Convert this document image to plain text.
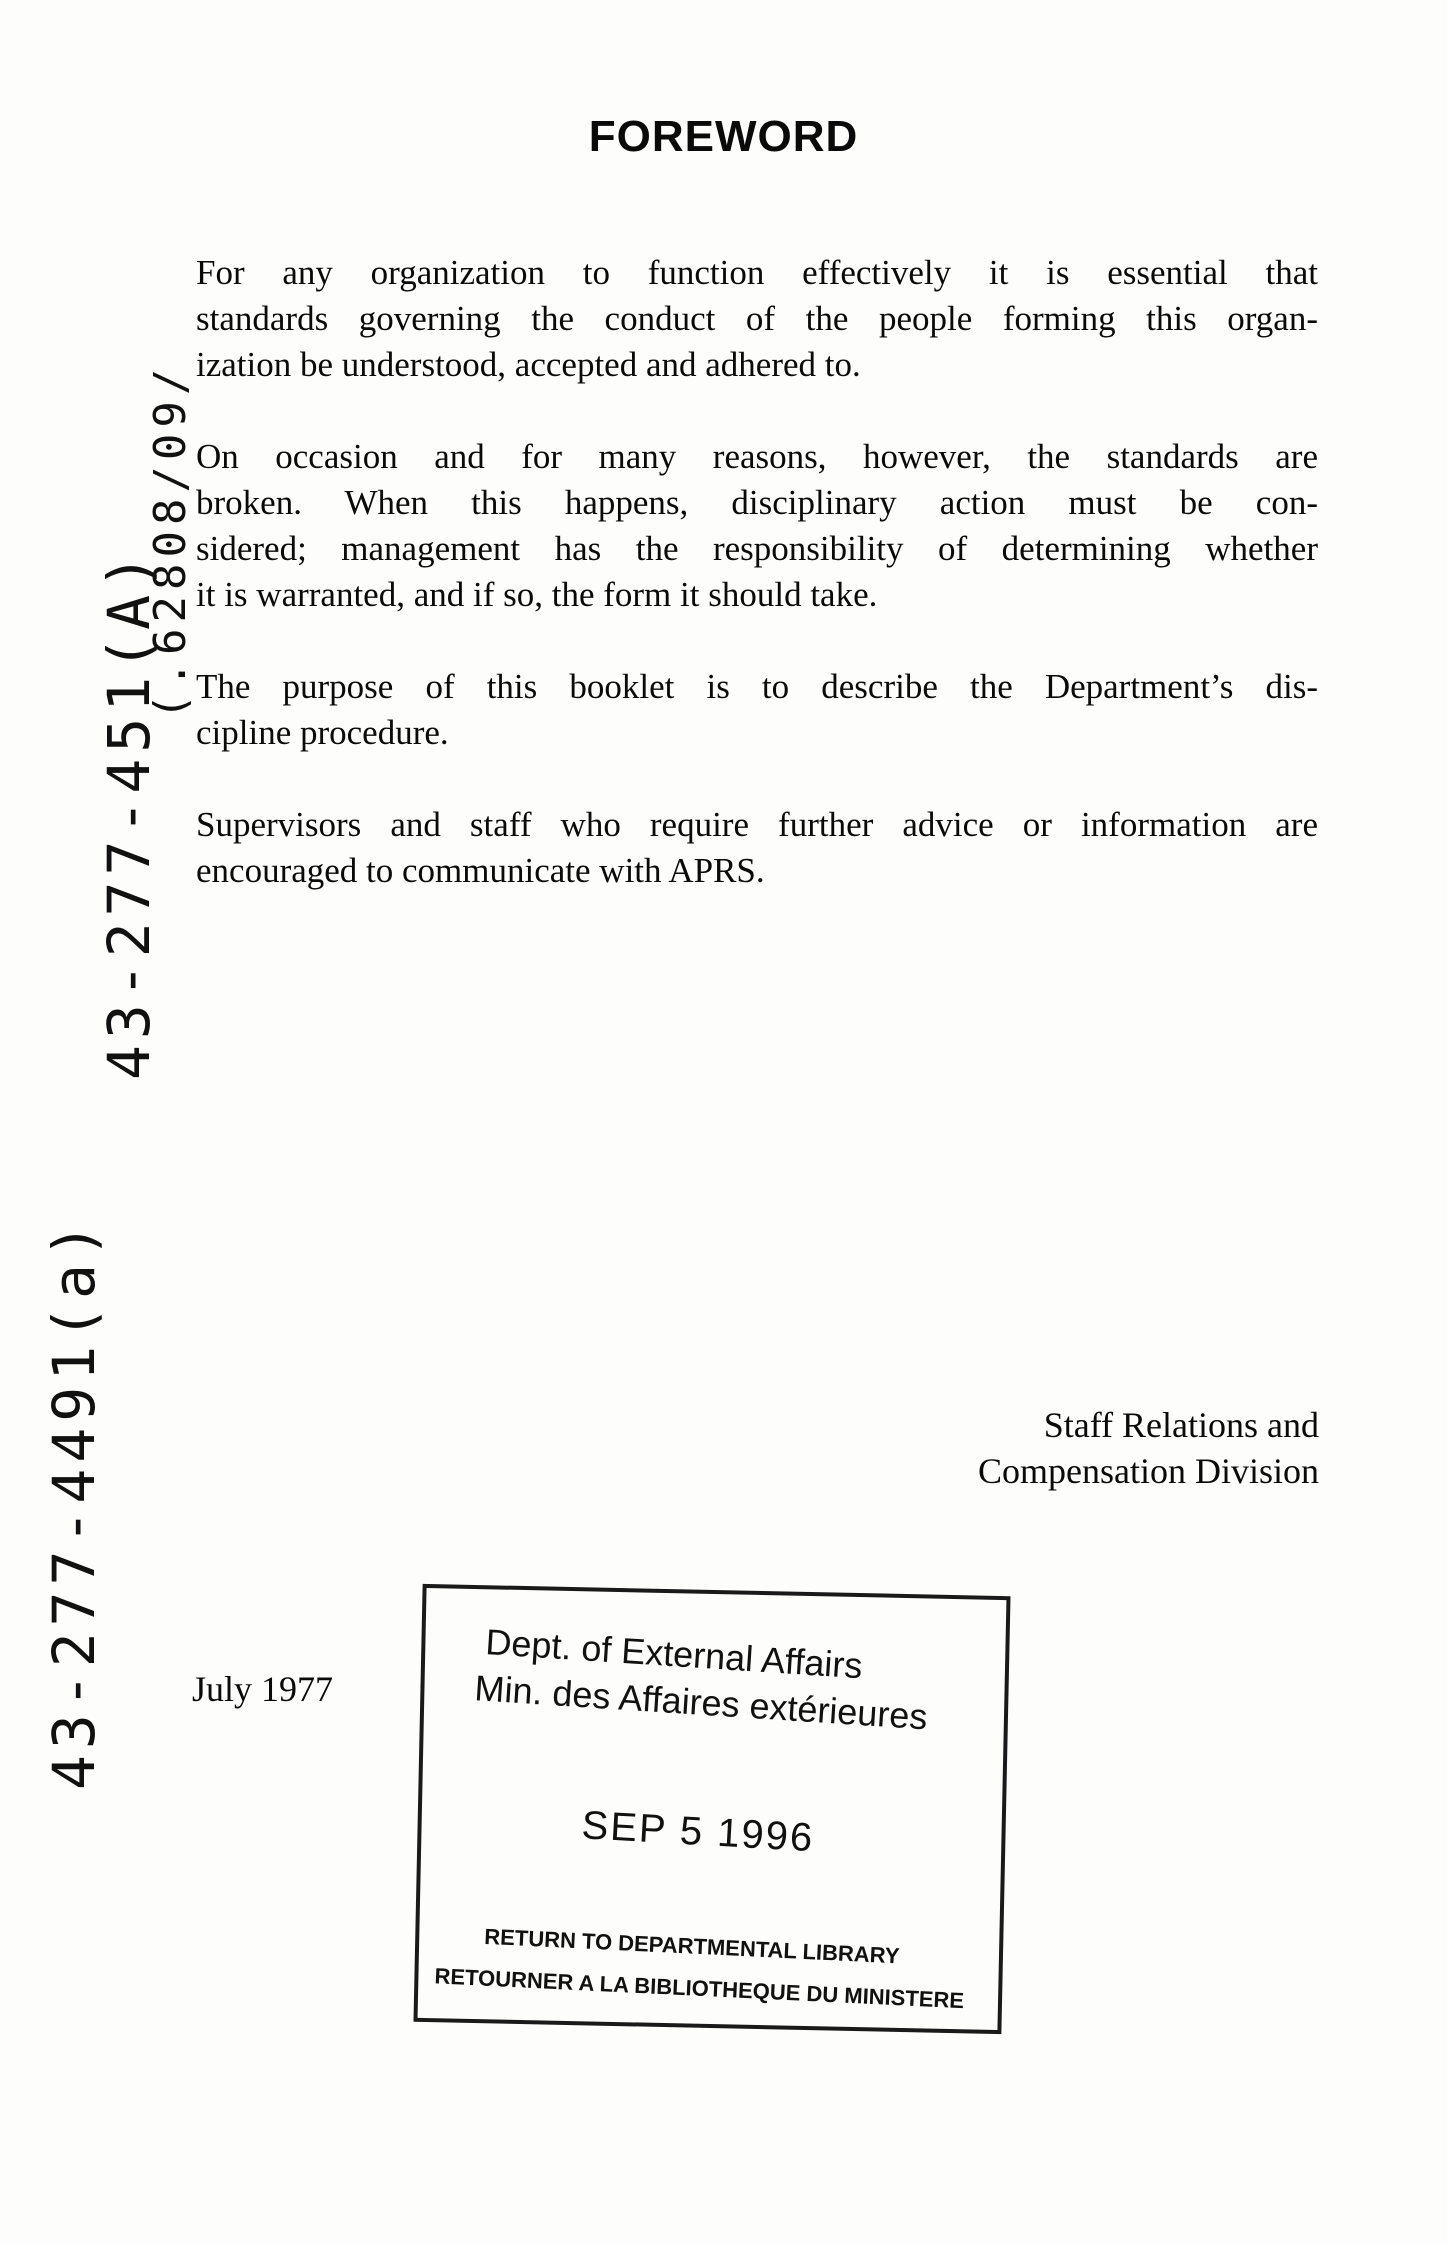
FOREWORD

For any organization to function effectively it is essential that
standards governing the conduct of the people forming this organ-
ization be understood, accepted and adhered to.

On occasion and for many reasons, however, the standards are
broken. When this happens, disciplinary action must be con-
sidered; management has the responsibility of determining whether
it is warranted, and if so, the form it should take.

The purpose of this booklet is to describe the Department’s dis-
cipline procedure.

Supervisors and staff who require further advice or information are
encouraged to communicate with APRS.

Staff Relations and
Compensation Division
July 1977
Dept. of External Affairs
Min. des Affaires extérieures
SEP 5 1996
RETURN TO DEPARTMENTAL LIBRARY
RETOURNER A LA BIBLIOTHEQUE DU MINISTERE
43-277-451(A)
(.62808/09/
43-277-4491(a)
